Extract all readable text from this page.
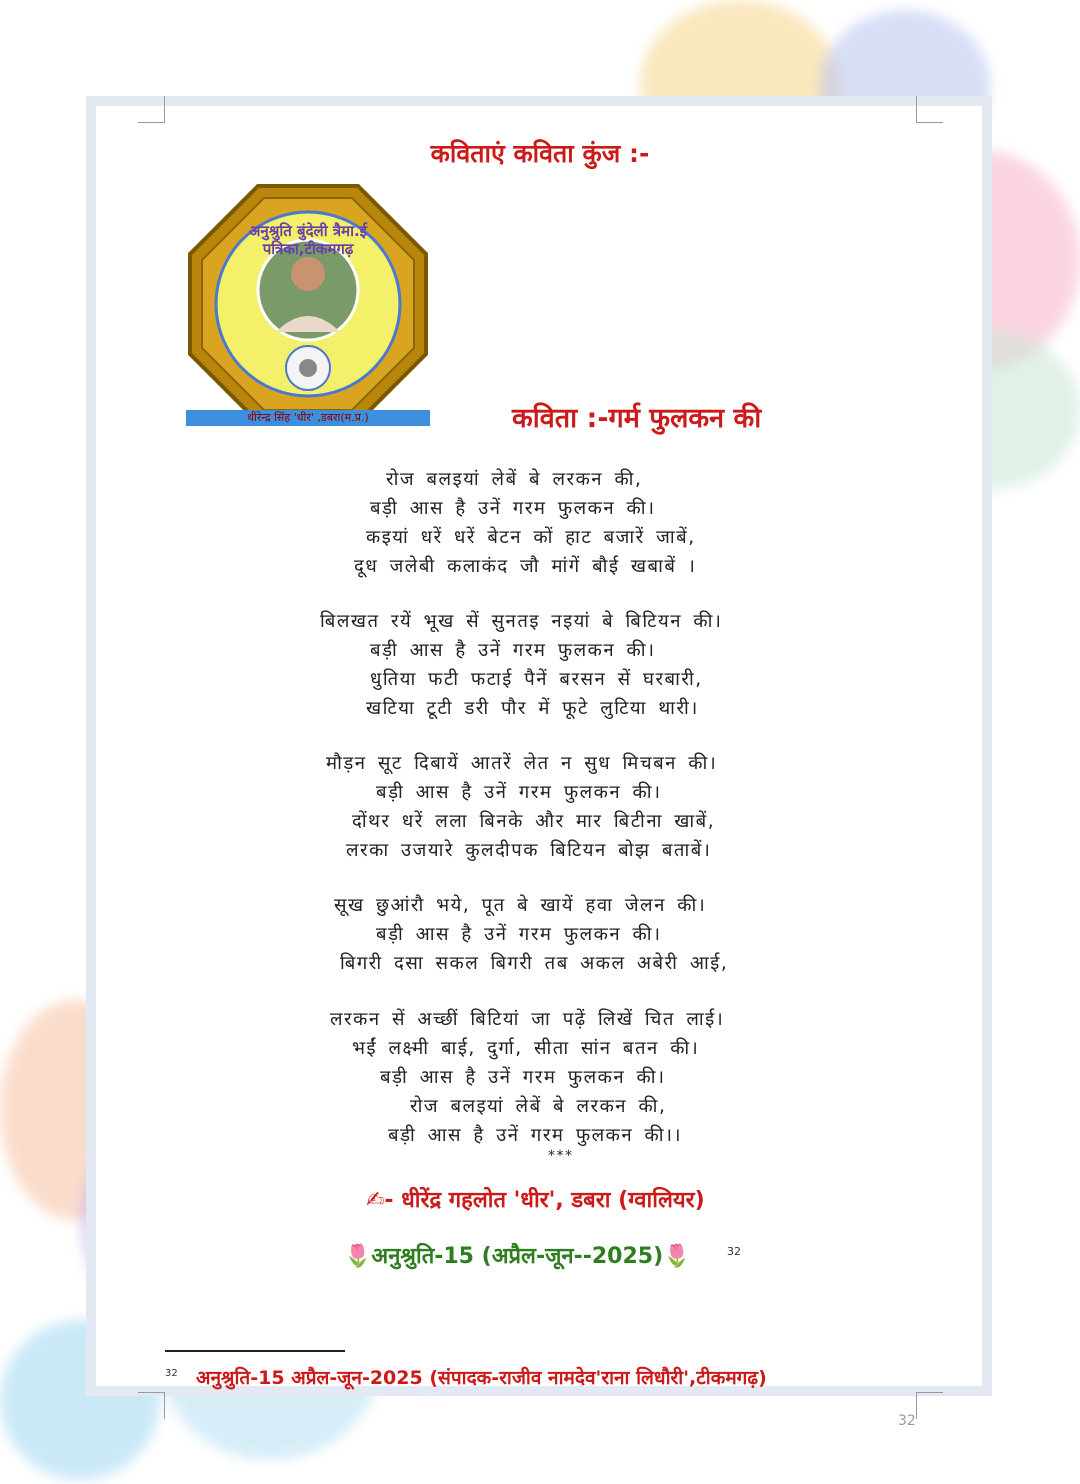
कविताएं कविता कुंज :-
अनुश्रुति बुंदेली त्रैमा.ई पत्रिका,टीकमगढ़
धीरेन्द्र सिंह 'धीर' ,डबरा(म.प्र.)	कविता :-गर्म फुलकन की
रोज बलइयां लेबें बे लरकन की,
बड़ी आस है उनें गरम फुलकन की।
कइयां धरें धरें बेटन कों हाट बजारें जाबें,
दूध जलेबी कलाकंद जौ मांगें बौई खबाबें ।
बिलखत रयें भूख सें सुनतइ नइयां बे बिटियन की।
बड़ी आस है उनें गरम फुलकन की।
धुतिया फटी फटाई पैनें बरसन सें घरबारी,
खटिया टूटी डरी पौर में फूटे लुटिया थारी।
मौड़न सूट दिबायें आतरें लेत न सुध मिचबन की।
बड़ी आस है उनें गरम फुलकन की।
दोंथर धरें लला बिनके और मार बिटीना खाबें,
लरका उजयारे कुलदीपक बिटियन बोझ बताबें।
सूख छुआंरौ भये, पूत बे खायें हवा जेलन की।
बड़ी आस है उनें गरम फुलकन की।
बिगरी दसा सकल बिगरी तब अकल अबेरी आई,
लरकन सें अच्छीं बिटियां जा पढ़ें लिखें चित लाई।
भईं लक्ष्मी बाई, दुर्गा, सीता सांन बतन की।
बड़ी आस है उनें गरम फुलकन की।
रोज बलइयां लेबें बे लरकन की,
बड़ी आस है उनें गरम फुलकन की।।
***
✍- धीरेंद्र गहलोत 'धीर', डबरा (ग्वालियर)
🌷अनुश्रुति-15 (अप्रैल-जून--2025)🌷	32
32 अनुश्रुति-15 अप्रैल-जून-2025 (संपादक-राजीव नामदेव'राना लिधौरी',टीकमगढ़)
32
